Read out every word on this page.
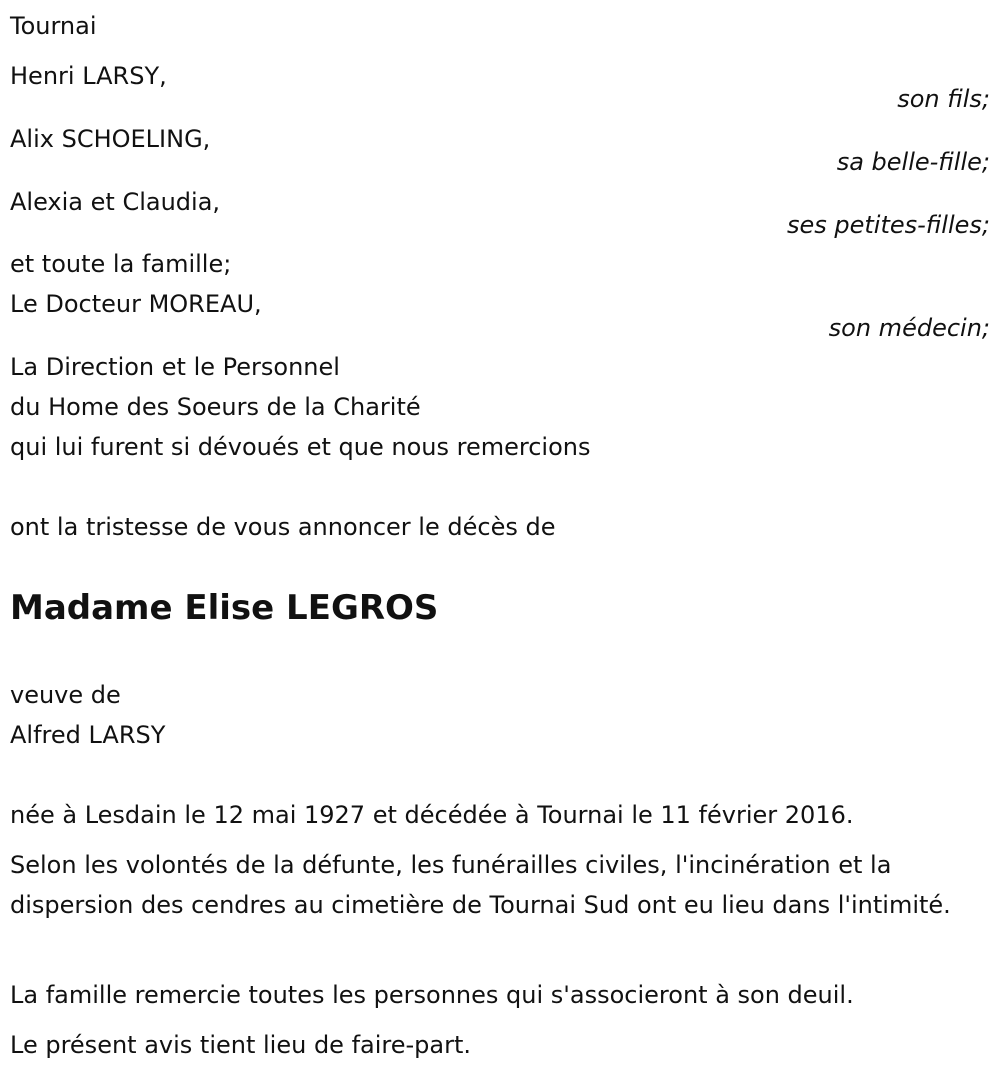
Tournai
Henri LARSY,
son fils;
Alix SCHOELING,
sa belle-fille;
Alexia et Claudia,
ses petites-filles;
et toute la famille;
Le Docteur MOREAU,
son médecin;
La Direction et le Personnel
du Home des Soeurs de la Charité
qui lui furent si dévoués et que nous remercions
ont la tristesse de vous annoncer le décès de
Madame Elise LEGROS
veuve de
Alfred LARSY
née à Lesdain le 12 mai 1927 et décédée à Tournai le 11 février 2016.
Selon les volontés de la défunte, les funérailles civiles, l'incinération et la dispersion des cendres au cimetière de Tournai Sud ont eu lieu dans l'intimité.
La famille remercie toutes les personnes qui s'associeront à son deuil.
Le présent avis tient lieu de faire-part.
